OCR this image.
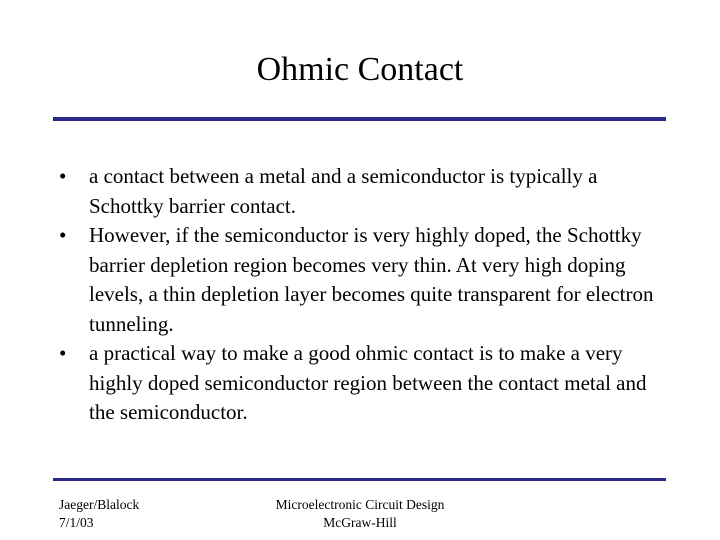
Ohmic Contact
• a contact between a metal and a semiconductor is typically a Schottky barrier contact.
• However, if the semiconductor is very highly doped, the Schottky barrier depletion region becomes very thin. At very high doping levels, a thin depletion layer becomes quite transparent for electron tunneling.
• a practical way to make a good ohmic contact is to make a very highly doped semiconductor region between the contact metal and the semiconductor.
Jaeger/Blalock
7/1/03
Microelectronic Circuit Design
McGraw-Hill
